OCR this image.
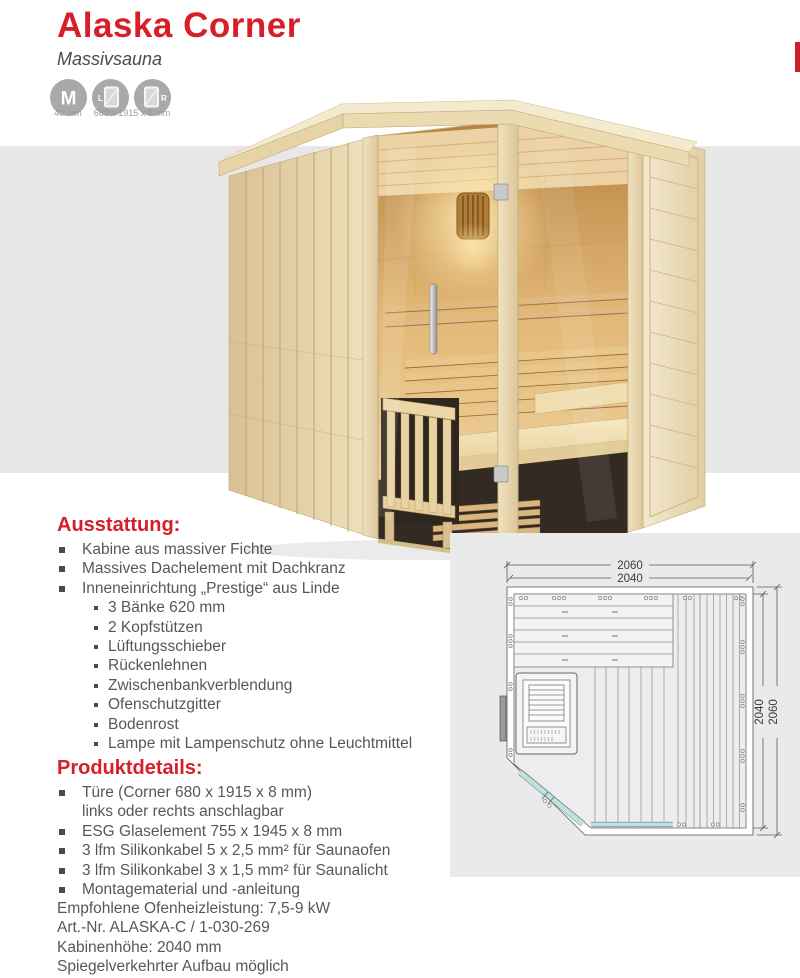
Alaska Corner
Massivsauna
M	L	R
40 mm	680 x 1915 x 8 mm
Ausstattung:
Kabine aus massiver Fichte
Massives Dachelement mit Dachkranz
Inneneinrichtung „Prestige“ aus Linde
3 Bänke 620 mm
2 Kopfstützen
Lüftungsschieber
Rückenlehnen
Zwischenbankverblendung
Ofenschutzgitter
Bodenrost
Lampe mit Lampenschutz ohne Leuchtmittel
Produktdetails:
Türe (Corner 680 x 1915 x 8 mm)
links oder rechts anschlagbar
ESG Glaselement 755 x 1945 x 8 mm
3 lfm Silikonkabel 5 x 2,5 mm² für Saunaofen
3 lfm Silikonkabel 3 x 1,5 mm² für Saunalicht
Montagematerial und -anleitung

Empfohlene Ofenheizleistung: 7,5-9 kW

Art.-Nr. ALASKA-C / 1-030-269

Kabinenhöhe: 2040 mm

Spiegelverkehrter Aufbau möglich

2060
2040
2040 2060
